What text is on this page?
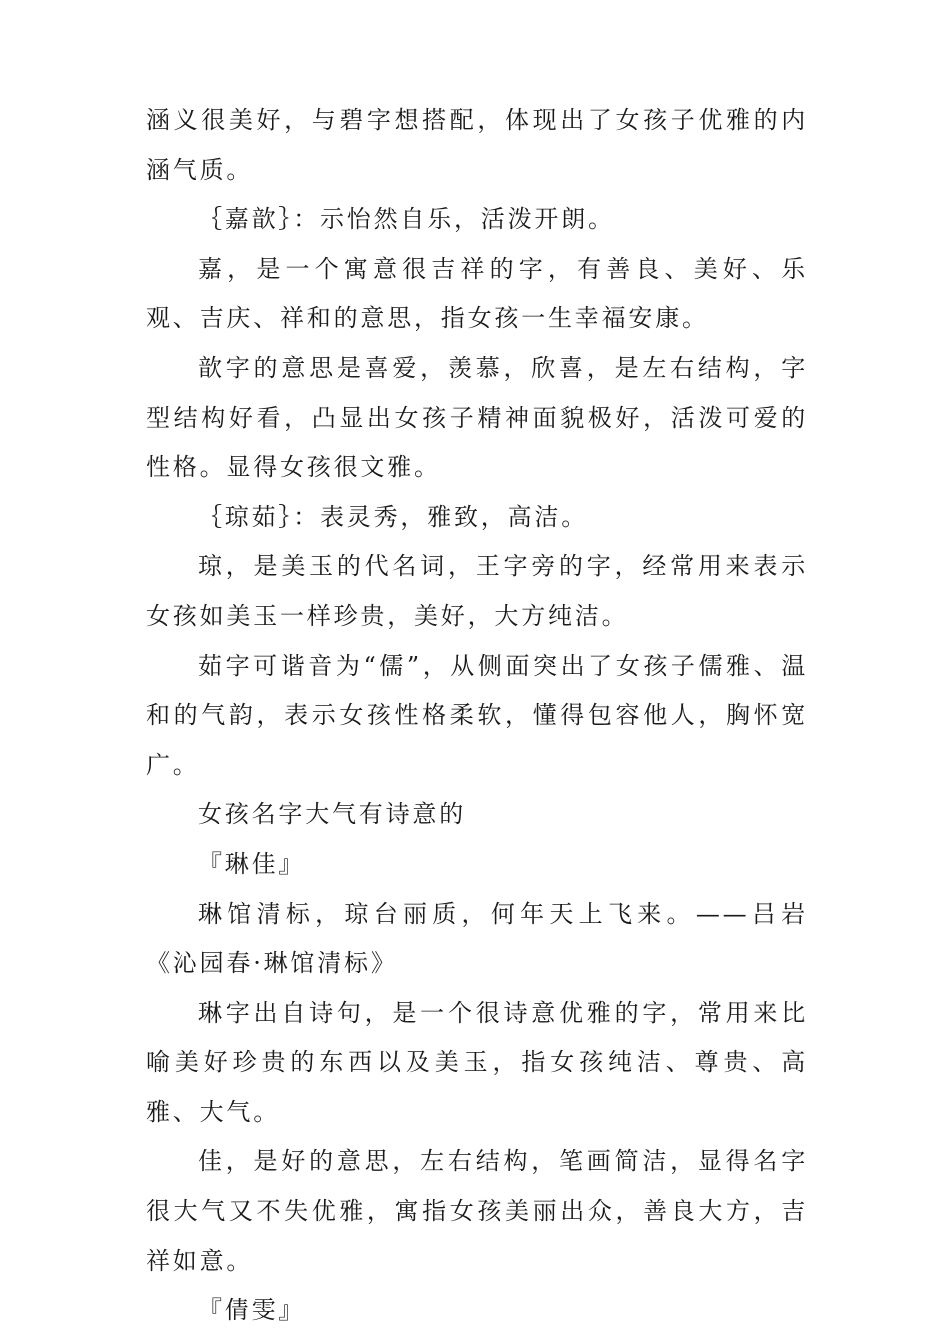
涵义很美好，与碧字想搭配，体现出了女孩子优雅的内涵气质。

｛嘉歆｝：示怡然自乐，活泼开朗。

嘉，是一个寓意很吉祥的字，有善良、美好、乐观、吉庆、祥和的意思，指女孩一生幸福安康。

歆字的意思是喜爱，羡慕，欣喜，是左右结构，字型结构好看，凸显出女孩子精神面貌极好，活泼可爱的性格。显得女孩很文雅。

｛琼茹｝：表灵秀，雅致，高洁。

琼，是美玉的代名词，王字旁的字，经常用来表示女孩如美玉一样珍贵，美好，大方纯洁。

茹字可谐音为“儒”，从侧面突出了女孩子儒雅、温和的气韵，表示女孩性格柔软，懂得包容他人，胸怀宽广。

女孩名字大气有诗意的

『琳佳』

琳馆清标，琼台丽质，何年天上飞来。——吕岩《沁园春·琳馆清标》

琳字出自诗句，是一个很诗意优雅的字，常用来比喻美好珍贵的东西以及美玉，指女孩纯洁、尊贵、高雅、大气。

佳，是好的意思，左右结构，笔画简洁，显得名字很大气又不失优雅，寓指女孩美丽出众，善良大方，吉祥如意。

『倩雯』
